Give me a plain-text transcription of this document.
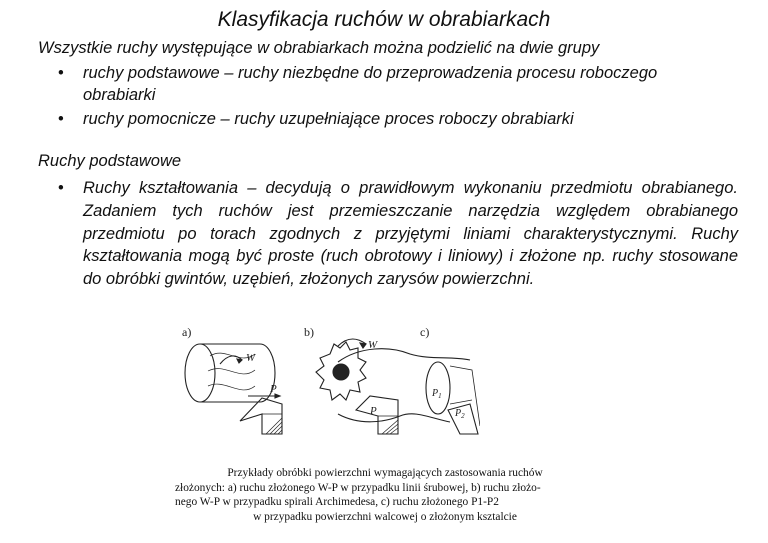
Klasyfikacja ruchów w obrabiarkach
Wszystkie ruchy występujące w obrabiarkach można podzielić na dwie grupy
• ruchy podstawowe – ruchy niezbędne do przeprowadzenia procesu roboczego obrabiarki
• ruchy pomocnicze – ruchy uzupełniające proces roboczy obrabiarki
Ruchy podstawowe
• Ruchy kształtowania – decydują o prawidłowym wykonaniu przedmiotu obrabianego. Zadaniem tych ruchów jest przemieszczanie narzędzia względem obrabianego przedmiotu po torach zgodnych z przyjętymi liniami charakterystycznymi. Ruchy kształtowania mogą być proste (ruch obrotowy i liniowy) i złożone np. ruchy stosowane do obróbki gwintów, uzębień, złożonych zarysów powierzchni.
a)	b)	c)
W
P
W
P
$P_1$
$P_2$
Przykłady obróbki powierzchni wymagających zastosowania ruchów
złożonych: a) ruchu złożonego W-P w przypadku linii śrubowej, b) ruchu złożo-
nego W-P w przypadku spirali Archimedesa, c) ruchu złożonego P1-P2
w przypadku powierzchni walcowej o złożonym ksztalcie
